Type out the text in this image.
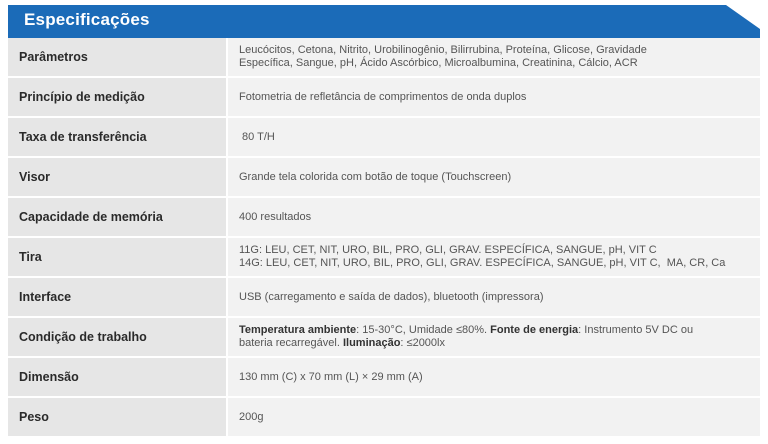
Especificações
Parâmetros	Leucócitos, Cetona, Nitrito, Urobilinogênio, Bilirrubina, Proteína, Glicose, Gravidade
Específica, Sangue, pH, Ácido Ascórbico, Microalbumina, Creatinina, Cálcio, ACR
Princípio de medição	Fotometria de refletância de comprimentos de onda duplos
Taxa de transferência	80 T/H
Visor	Grande tela colorida com botão de toque (Touchscreen)
Capacidade de memória	400 resultados
Tira	11G: LEU, CET, NIT, URO, BIL, PRO, GLI, GRAV. ESPECÍFICA, SANGUE, pH, VIT C
14G: LEU, CET, NIT, URO, BIL, PRO, GLI, GRAV. ESPECÍFICA, SANGUE, pH, VIT C,  MA, CR, Ca
Interface	USB (carregamento e saída de dados), bluetooth (impressora)
Condição de trabalho	Temperatura ambiente: 15-30°C, Umidade ≤80%. Fonte de energia: Instrumento 5V DC ou
bateria recarregável. Iluminação: ≤2000lx
Dimensão	130 mm (C) x 70 mm (L) × 29 mm (A)
Peso	200g
